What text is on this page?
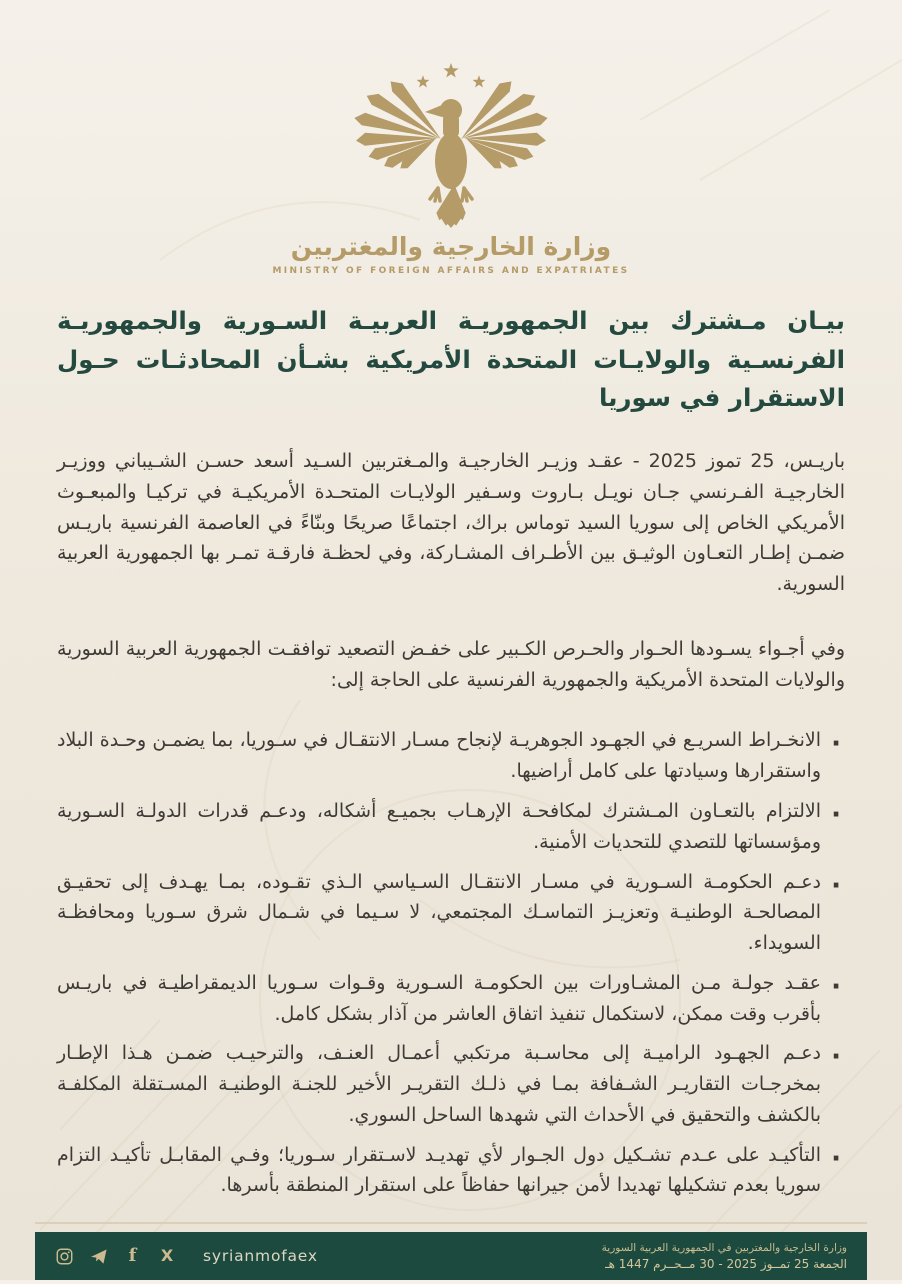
وزارة الخارجية والمغتربين
MINISTRY OF FOREIGN AFFAIRS AND EXPATRIATES
بيـان مـشترك بين الجمهوريـة العربيـة السـورية والجمهوريـة الفرنسـية والولايـات المتحدة الأمريكية بشـأن المحادثـات حـول الاستقرار في سوريا
باريـس، 25 تموز 2025 - عقـد وزيـر الخارجيـة والمـغتربين السـيد أسعد حسـن الشـيباني ووزيـر الخارجيـة الفـرنسي جـان نويـل بـاروت وسـفير الولايـات المتحـدة الأمريكيـة في تركيـا والمبعـوث الأمريكي الخاص إلى سوريا السيد توماس براك، اجتماعًا صريحًا وبنّاءً في العاصمة الفرنسية باريـس ضمـن إطـار التعـاون الوثيـق بين الأطـراف المشـاركة، وفي لحظـة فارقـة تمـر بها الجمهورية العربية السورية.
وفي أجـواء يسـودها الحـوار والحـرص الكـبير على خفـض التصعيد توافقـت الجمهورية العربية السورية والولايات المتحدة الأمريكية والجمهورية الفرنسية على الحاجة إلى:
· الانخـراط السريـع في الجهـود الجوهريـة لإنجاح مسـار الانتقـال في سـوريا، بما يضمـن وحـدة البلاد واستقرارها وسيادتها على كامل أراضيها.
· الالتزام بالتعـاون المـشترك لمكافحـة الإرهـاب بجميـع أشكاله، ودعـم قدرات الدولـة السـورية ومؤسساتها للتصدي للتحديات الأمنية.
· دعـم الحكومـة السـورية في مسـار الانتقـال السـياسي الـذي تقـوده، بمـا يهـدف إلى تحقيـق المصالحـة الوطنيـة وتعزيـز التماسـك المجتمعي، لا سـيما في شـمال شرق سـوريا ومحافظـة السويداء.
· عقـد جولـة مـن المشـاورات بين الحكومـة السـورية وقـوات سـوريا الديمقراطيـة في باريـس بأقرب وقت ممكن، لاستكمال تنفيذ اتفاق العاشر من آذار بشكل كامل.
· دعـم الجهـود الراميـة إلى محاسـبة مرتكبي أعمـال العنـف، والترحيـب ضمـن هـذا الإطـار بمخرجـات التقاريـر الشـفافة بمـا في ذلـك التقريـر الأخير للجنـة الوطنيـة المسـتقلة المكلفـة بالكشف والتحقيق في الأحداث التي شهدها الساحل السوري.
· التأكيـد على عـدم تشـكيل دول الجـوار لأي تهديـد لاسـتقرار سـوريا؛ وفـي المقابـل تأكيـد التزام سوريا بعدم تشكيلها تهديدا لأمن جيرانها حفاظاً على استقرار المنطقة بأسرها.
f X syrianmofaex	وزارة الخارجية والمغتربين في الجمهورية العربية السورية
الجمعة 25 تمــوز 2025 - 30 مــحــرم 1447 هـ
